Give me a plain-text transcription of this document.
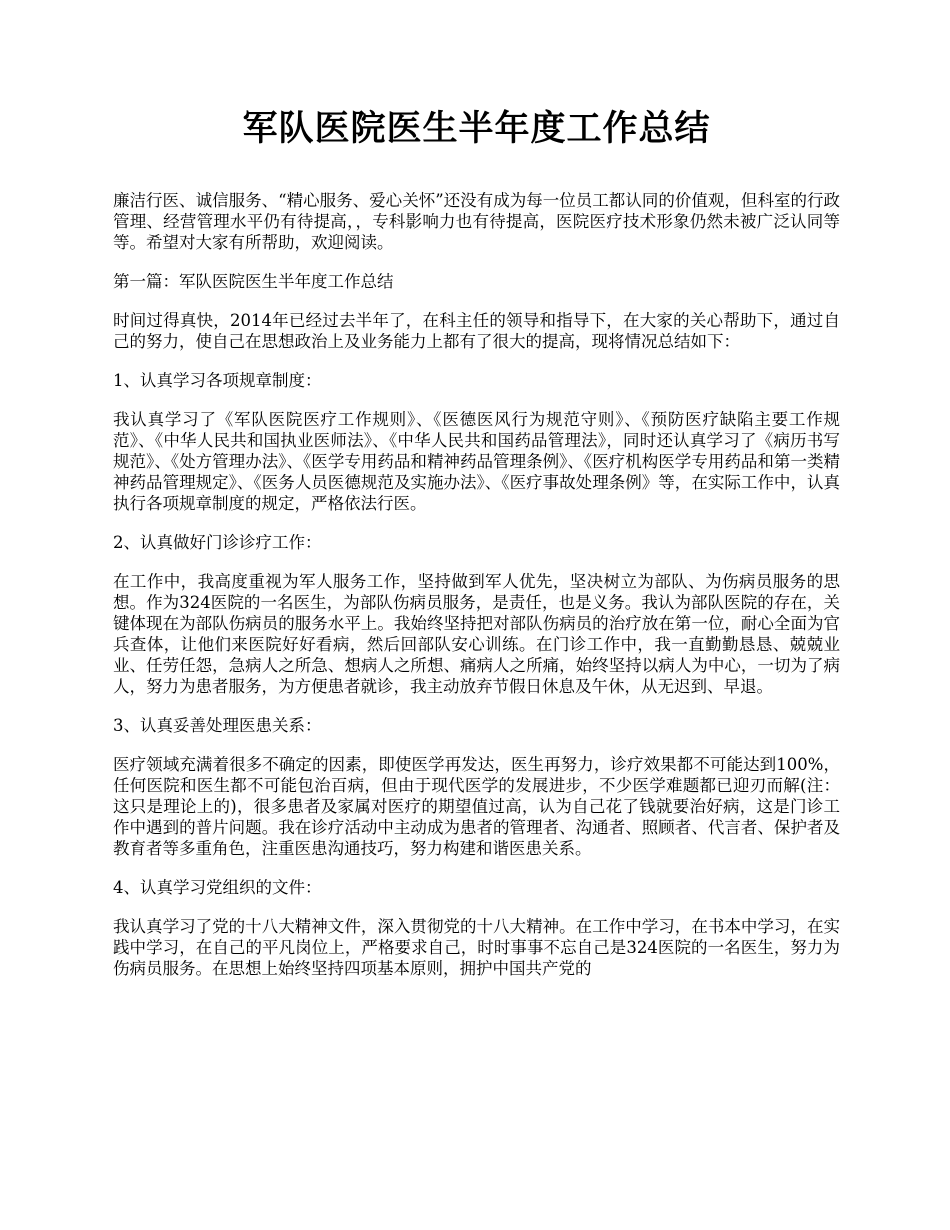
军队医院医生半年度工作总结

廉洁行医、诚信服务、“精心服务、爱心关怀”还没有成为每一位员工都认同的价值观，但科室的行政管理、经营管理水平仍有待提高，，专科影响力也有待提高，医院医疗技术形象仍然未被广泛认同等等。希望对大家有所帮助，欢迎阅读。

第一篇：军队医院医生半年度工作总结

时间过得真快，2014年已经过去半年了，在科主任的领导和指导下，在大家的关心帮助下，通过自己的努力，使自己在思想政治上及业务能力上都有了很大的提高，现将情况总结如下：

1、认真学习各项规章制度：

我认真学习了《军队医院医疗工作规则》、《医德医风行为规范守则》、《预防医疗缺陷主要工作规范》、《中华人民共和国执业医师法》、《中华人民共和国药品管理法》，同时还认真学习了《病历书写规范》、《处方管理办法》、《医学专用药品和精神药品管理条例》、《医疗机构医学专用药品和第一类精神药品管理规定》、《医务人员医德规范及实施办法》、《医疗事故处理条例》等，在实际工作中，认真执行各项规章制度的规定，严格依法行医。

2、认真做好门诊诊疗工作：

在工作中，我高度重视为军人服务工作，坚持做到军人优先，坚决树立为部队、为伤病员服务的思想。作为324医院的一名医生，为部队伤病员服务，是责任，也是义务。我认为部队医院的存在，关键体现在为部队伤病员的服务水平上。我始终坚持把对部队伤病员的治疗放在第一位，耐心全面为官兵查体，让他们来医院好好看病，然后回部队安心训练。在门诊工作中，我一直勤勤恳恳、兢兢业业、任劳任怨，急病人之所急、想病人之所想、痛病人之所痛，始终坚持以病人为中心，一切为了病人，努力为患者服务，为方便患者就诊，我主动放弃节假日休息及午休，从无迟到、早退。

3、认真妥善处理医患关系：

医疗领域充满着很多不确定的因素，即使医学再发达，医生再努力，诊疗效果都不可能达到100%，任何医院和医生都不可能包治百病，但由于现代医学的发展进步，不少医学难题都已迎刃而解(注：这只是理论上的)，很多患者及家属对医疗的期望值过高，认为自己花了钱就要治好病，这是门诊工作中遇到的普片问题。我在诊疗活动中主动成为患者的管理者、沟通者、照顾者、代言者、保护者及教育者等多重角色，注重医患沟通技巧，努力构建和谐医患关系。

4、认真学习党组织的文件：

我认真学习了党的十八大精神文件，深入贯彻党的十八大精神。在工作中学习，在书本中学习，在实践中学习，在自己的平凡岗位上，严格要求自己，时时事事不忘自己是324医院的一名医生，努力为伤病员服务。在思想上始终坚持四项基本原则，拥护中国共产党的
